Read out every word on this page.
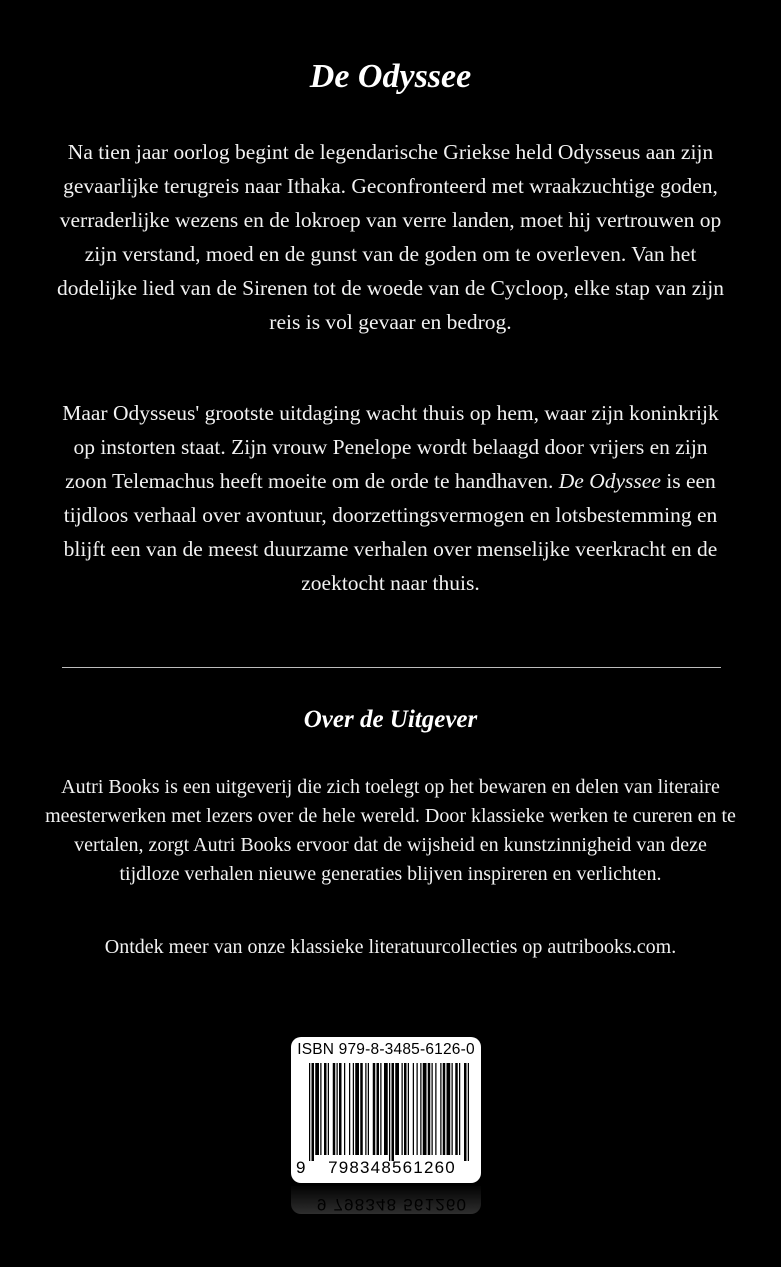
De Odyssee

Na tien jaar oorlog begint de legendarische Griekse held Odysseus aan zijn gevaarlijke terugreis naar Ithaka. Geconfronteerd met wraakzuchtige goden, verraderlijke wezens en de lokroep van verre landen, moet hij vertrouwen op zijn verstand, moed en de gunst van de goden om te overleven. Van het dodelijke lied van de Sirenen tot de woede van de Cycloop, elke stap van zijn reis is vol gevaar en bedrog.

Maar Odysseus' grootste uitdaging wacht thuis op hem, waar zijn koninkrijk op instorten staat. Zijn vrouw Penelope wordt belaagd door vrijers en zijn zoon Telemachus heeft moeite om de orde te handhaven. De Odyssee is een tijdloos verhaal over avontuur, doorzettingsvermogen en lotsbestemming en blijft een van de meest duurzame verhalen over menselijke veerkracht en de zoektocht naar thuis.

Over de Uitgever

Autri Books is een uitgeverij die zich toelegt op het bewaren en delen van literaire meesterwerken met lezers over de hele wereld. Door klassieke werken te cureren en te vertalen, zorgt Autri Books ervoor dat de wijsheid en kunstzinnigheid van deze tijdloze verhalen nieuwe generaties blijven inspireren en verlichten.

Ontdek meer van onze klassieke literatuurcollecties op autribooks.com.

ISBN 979-8-3485-6126-0
9	798348561260
9 798348 561260
